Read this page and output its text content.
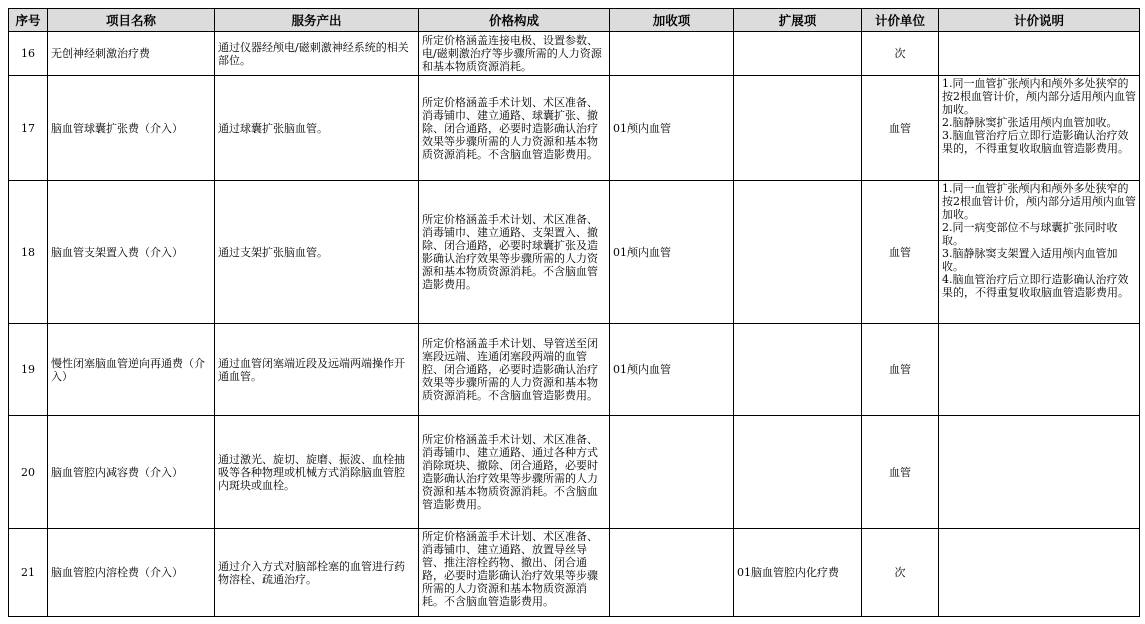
序号	项目名称	服务产出	价格构成	加收项	扩展项	计价单位	计价说明
16	无创神经刺激治疗费	通过仪器经颅电/磁刺激神经系统的相关部位。	所定价格涵盖连接电极、设置参数、电/磁刺激治疗等步骤所需的人力资源和基本物质资源消耗。			次	
17	脑血管球囊扩张费（介入）	通过球囊扩张脑血管。	所定价格涵盖手术计划、术区准备、消毒铺巾、建立通路、球囊扩张、撤除、闭合通路，必要时造影确认治疗效果等步骤所需的人力资源和基本物质资源消耗。不含脑血管造影费用。	01颅内血管		血管	1.同一血管扩张颅内和颅外多处狭窄的按2根血管计价，颅内部分适用颅内血管加收。
2.脑静脉窦扩张适用颅内血管加收。
3.脑血管治疗后立即行造影确认治疗效果的，不得重复收取脑血管造影费用。

18	脑血管支架置入费（介入）	通过支架扩张脑血管。	所定价格涵盖手术计划、术区准备、消毒铺巾、建立通路、支架置入、撤除、闭合通路，必要时球囊扩张及造影确认治疗效果等步骤所需的人力资源和基本物质资源消耗。不含脑血管造影费用。	01颅内血管		血管	1.同一血管扩张颅内和颅外多处狭窄的按2根血管计价，颅内部分适用颅内血管加收。
2.同一病变部位不与球囊扩张同时收取。
3.脑静脉窦支架置入适用颅内血管加收。
4.脑血管治疗后立即行造影确认治疗效果的，不得重复收取脑血管造影费用。

19	慢性闭塞脑血管逆向再通费（介入）	通过血管闭塞端近段及远端两端操作开通血管。	所定价格涵盖手术计划、导管送至闭塞段远端、连通闭塞段两端的血管腔、闭合通路，必要时造影确认治疗效果等步骤所需的人力资源和基本物质资源消耗。不含脑血管造影费用。	01颅内血管		血管	
20	脑血管腔内减容费（介入）	通过激光、旋切、旋磨、振波、血栓抽吸等各种物理或机械方式消除脑血管腔内斑块或血栓。	所定价格涵盖手术计划、术区准备、消毒铺巾、建立通路、通过各种方式消除斑块、撤除、闭合通路，必要时造影确认治疗效果等步骤所需的人力资源和基本物质资源消耗。不含脑血管造影费用。			血管	
21	脑血管腔内溶栓费（介入）	通过介入方式对脑部栓塞的血管进行药物溶栓、疏通治疗。	所定价格涵盖手术计划、术区准备、消毒铺巾、建立通路、放置导丝导管、推注溶栓药物、撤出、闭合通路，必要时造影确认治疗效果等步骤所需的人力资源和基本物质资源消耗。不含脑血管造影费用。		01脑血管腔内化疗费	次	
